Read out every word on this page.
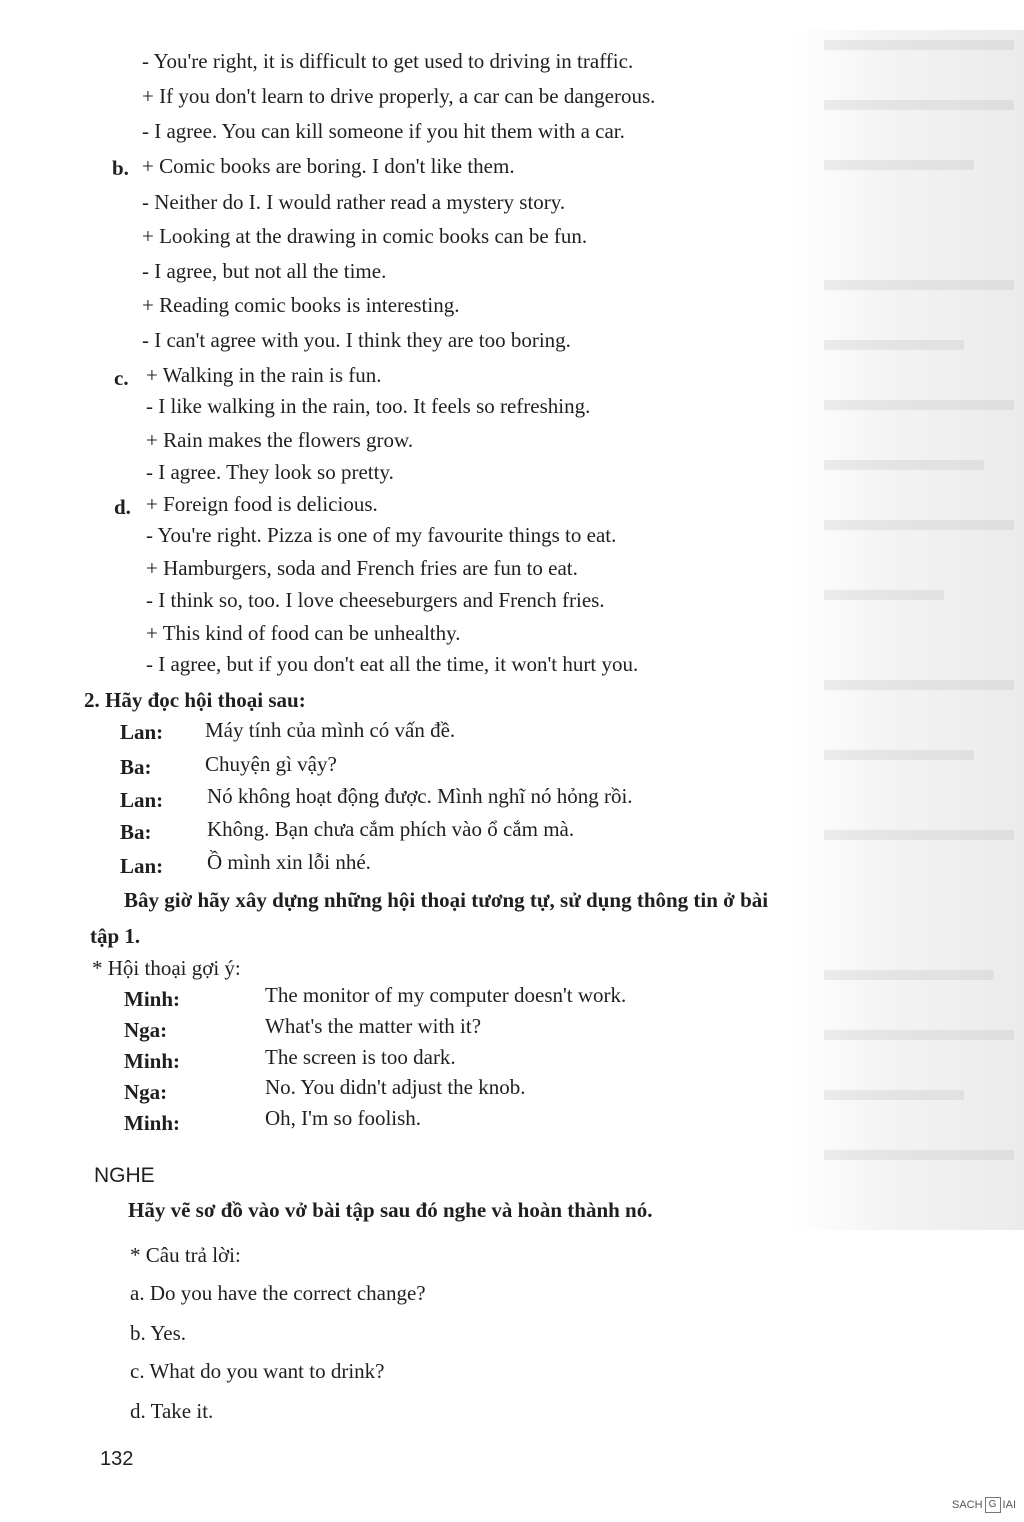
- You're right, it is difficult to get used to driving in traffic.
+ If you don't learn to drive properly, a car can be dangerous.
- I agree. You can kill someone if you hit them with a car.
b. + Comic books are boring. I don't like them.
- Neither do I. I would rather read a mystery story.
+ Looking at the drawing in comic books can be fun.
- I agree, but not all the time.
+ Reading comic books is interesting.
- I can't agree with you. I think they are too boring.
c. + Walking in the rain is fun.
- I like walking in the rain, too. It feels so refreshing.
+ Rain makes the flowers grow.
- I agree. They look so pretty.
d. + Foreign food is delicious.
- You're right. Pizza is one of my favourite things to eat.
+ Hamburgers, soda and French fries are fun to eat.
- I think so, too. I love cheeseburgers and French fries.
+ This kind of food can be unhealthy.
- I agree, but if you don't eat all the time, it won't hurt you.
2. Hãy đọc hội thoại sau:
Lan: Máy tính của mình có vấn đề.
Ba:	Chuyện gì vậy?
Lan: Nó không hoạt động được. Mình nghĩ nó hỏng rồi.
Ba:	Không. Bạn chưa cắm phích vào ổ cắm mà.
Lan: Ồ mình xin lỗi nhé.
Bây giờ hãy xây dựng những hội thoại tương tự, sử dụng thông tin ở bài
tập 1.
* Hội thoại gợi ý:
Minh:	The monitor of my computer doesn't work.
Nga:	What's the matter with it?
Minh:	The screen is too dark.
Nga:	No. You didn't adjust the knob.
Minh:	Oh, I'm so foolish.
NGHE
Hãy vẽ sơ đồ vào vở bài tập sau đó nghe và hoàn thành nó.
* Câu trả lời:
a. Do you have the correct change?
b. Yes.
c. What do you want to drink?
d. Take it.
132
SACH G IAI
